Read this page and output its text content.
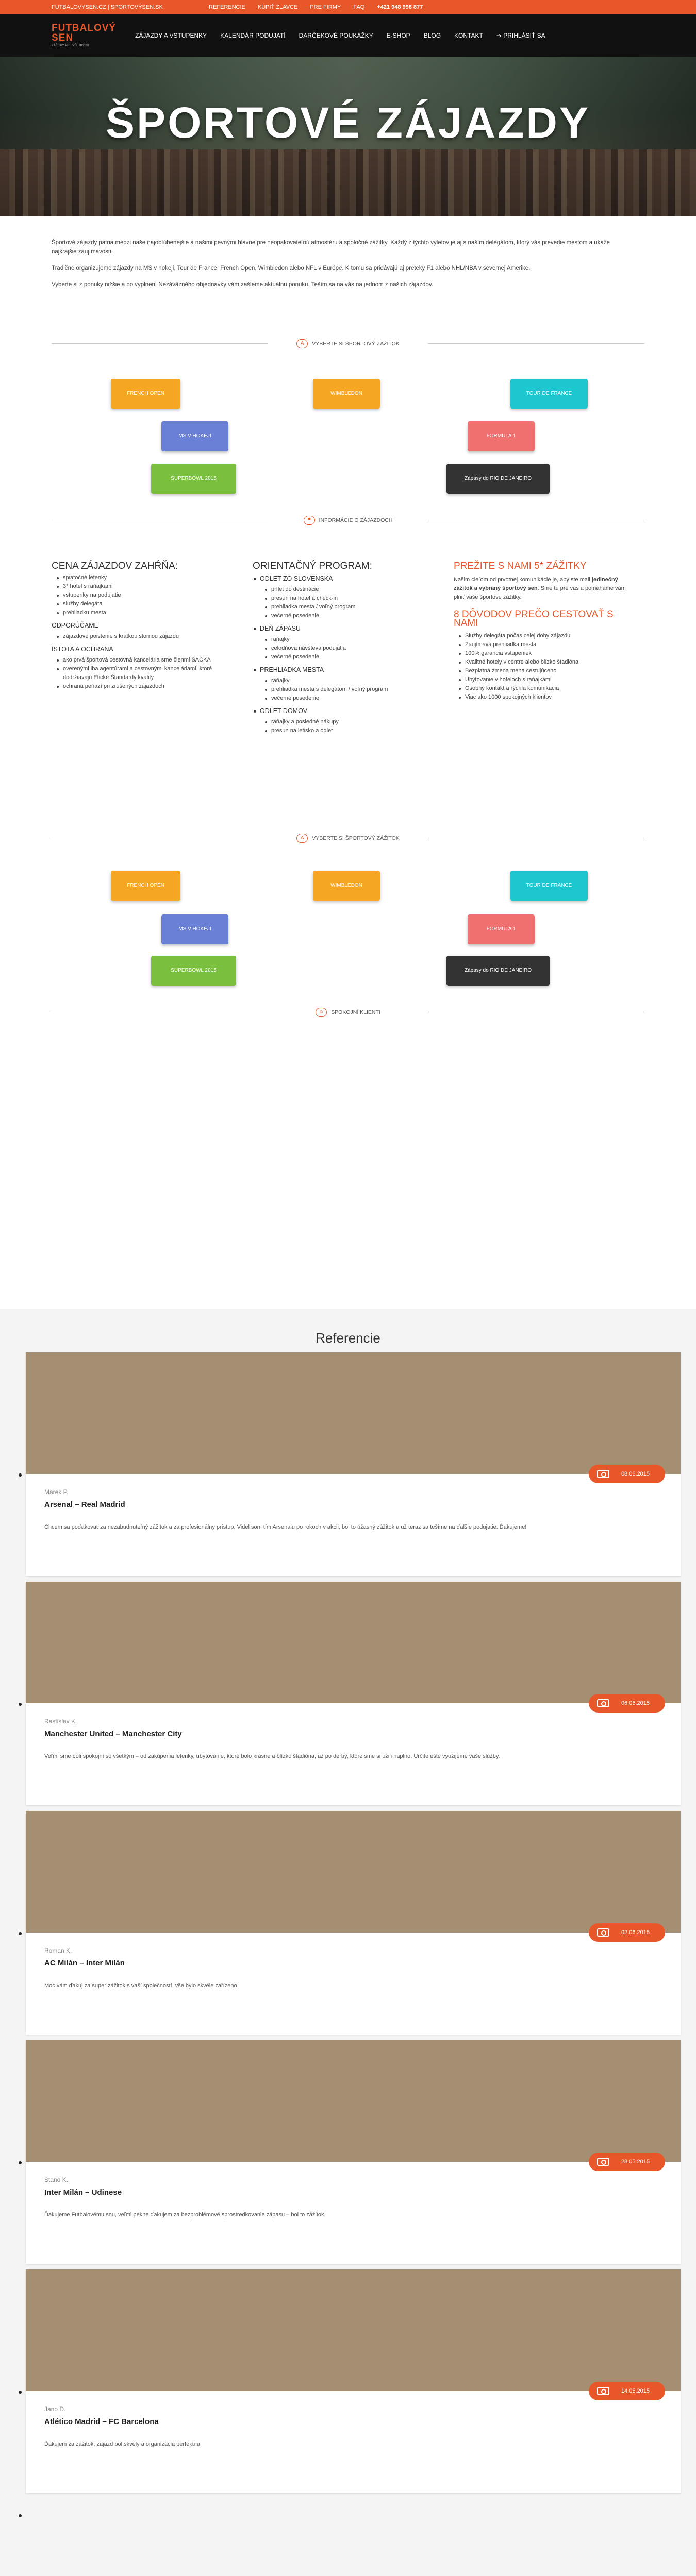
FUTBALOVYSEN.CZ | SPORTOVÝSEN.SK	REFERENCIE KÚPIŤ ZLAVCE PRE FIRMY FAQ +421 948 998 877
FUTBALOVÝ
SEN
ZÁŽITKY PRE VŠETKÝCH
ZÁJAZDY A VSTUPENKY KALENDÁR PODUJATÍ DARČEKOVÉ POUKÁŽKY E-SHOP BLOG KONTAKT ➔ PRIHLÁSIŤ SA
ŠPORTOVÉ ZÁJAZDY

Športové zájazdy patria medzi naše najobľúbenejšie a našimi pevnými hlavne pre neopakovateľnú atmosféru a spoločné zážitky. Každý z týchto výletov je aj s naším delegátom, ktorý vás prevedie mestom a ukáže najkrajšie zaujímavosti.

Tradične organizujeme zájazdy na MS v hokeji, Tour de France, French Open, Wimbledon alebo NFL v Európe. K tomu sa pridávajú aj preteky F1 alebo NHL/NBA v severnej Amerike.

Vyberte si z ponuky nižšie a po vyplnení Nezáväzného objednávky vám zašleme aktuálnu ponuku. Teším sa na vás na jednom z našich zájazdov.

A VYBERTE SI ŠPORTOVÝ ZÁŽITOK
FRENCH OPEN	WIMBLEDON	TOUR DE FRANCE
MS V HOKEJI	FORMULA 1
SUPERBOWL 2015	Zápasy do RIO DE JANEIRO
⚑ INFORMÁCIE O ZÁJAZDOCH
CENA ZÁJAZDOV ZAHŔŇA:
spiatočné letenky
3* hotel s raňajkami
vstupenky na podujatie
služby delegáta
prehliadku mesta
ODPORÚČAME
zájazdové poistenie s krátkou stornou zájazdu
ISTOTA A OCHRANA
ako prvá športová cestovná kancelária sme členmi SACKA
overenými iba agentúrami a cestovnými kanceláriami, ktoré dodržiavajú Etické Štandardy kvality
ochrana peňazí pri zrušených zájazdoch
ORIENTAČNÝ PROGRAM:
ODLET ZO SLOVENSKA
prílet do destinácie
presun na hotel a check-in
prehliadka mesta / voľný program
večerné posedenie
DEŇ ZÁPASU
raňajky
celodňová návšteva podujatia
večerné posedenie
PREHLIADKA MESTA
raňajky
prehliadka mesta s delegátom / voľný program
večerné posedenie
ODLET DOMOV
raňajky a posledné nákupy
presun na letisko a odlet
PREŽITE S NAMI 5* ZÁŽITKY

Našim cieľom od prvotnej komunikácie je, aby ste mali jedinečný zážitok a vybraný športový sen. Sme tu pre vás a pomáhame vám plniť vaše športové zážitky.

8 DÔVODOV PREČO CESTOVAŤ S NAMI
Služby delegáta počas celej doby zájazdu
Zaujímavá prehliadka mesta
100% garancia vstupeniek
Kvalitné hotely v centre alebo blízko štadióna
Bezplatná zmena mena cestujúceho
Ubytovanie v hoteloch s raňajkami
Osobný kontakt a rýchla komunikácia
Viac ako 1000 spokojných klientov
A VYBERTE SI ŠPORTOVÝ ZÁŽITOK
FRENCH OPEN	WIMBLEDON	TOUR DE FRANCE
MS V HOKEJI	FORMULA 1
SUPERBOWL 2015	Zápasy do RIO DE JANEIRO
☺ SPOKOJNÍ KLIENTI
Referencie
08.06.2015
Marek P.
Arsenal – Real Madrid
Chcem sa poďakovať za nezabudnuteľný zážitok a za profesionálny prístup. Videl som tím Arsenalu po rokoch v akcii, bol to úžasný zážitok a už teraz sa tešíme na ďalšie podujatie. Ďakujeme!
06.06.2015
Rastislav K.
Manchester United – Manchester City
Veľmi sme boli spokojní so všetkým – od zakúpenia letenky, ubytovanie, ktoré bolo krásne a blízko štadióna, až po derby, ktoré sme si užili naplno. Určite ešte využijeme vaše služby.
02.06.2015
Roman K.
AC Milán – Inter Milán
Moc vám ďakuj za super zážitok s vaší společností, vše bylo skvěle zařízeno.
28.05.2015
Stano K.
Inter Milán – Udinese
Ďakujeme Futbalovému snu, veľmi pekne ďakujem za bezproblémové sprostredkovanie zápasu – bol to zážitok.
14.05.2015
Jano D.
Atlético Madrid – FC Barcelona
Ďakujem za zážitok, zájazd bol skvelý a organizácia perfektná.
